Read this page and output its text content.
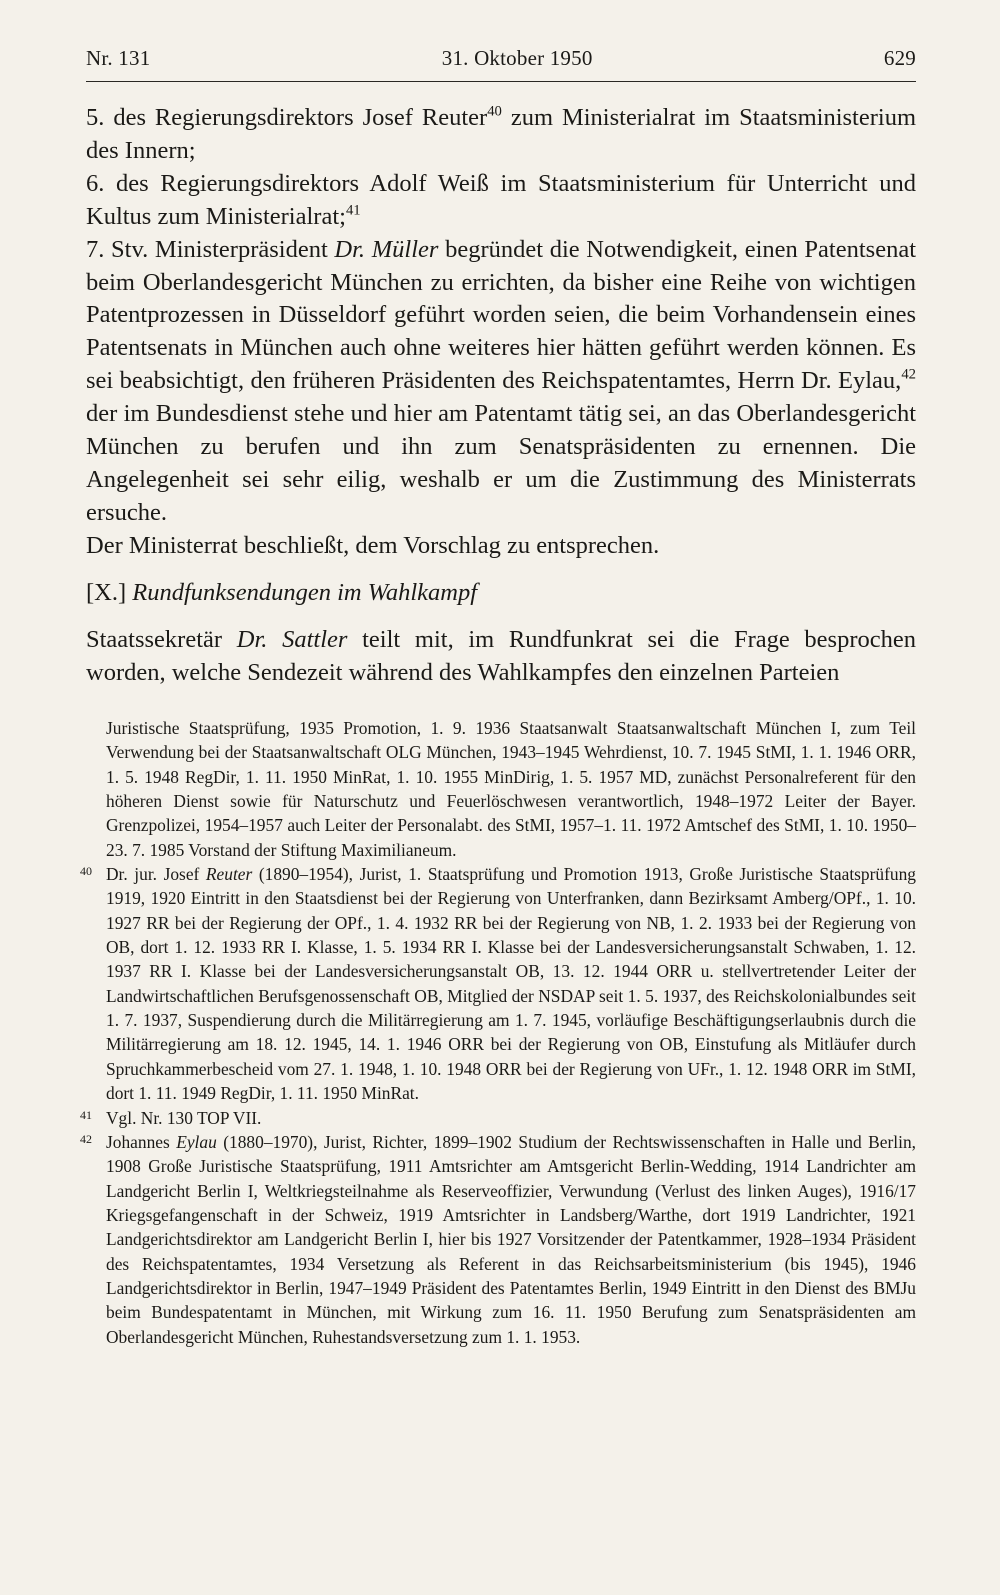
Nr. 131	31. Oktober 1950	629

5. des Regierungsdirektors Josef Reuter$^{40}$ zum Ministerialrat im Staatsministerium des Innern;

6. des Regierungsdirektors Adolf Weiß im Staatsministerium für Unterricht und Kultus zum Ministerialrat;$^{41}$

7. Stv. Ministerpräsident Dr. Müller begründet die Notwendigkeit, einen Patentsenat beim Oberlandesgericht München zu errichten, da bisher eine Reihe von wichtigen Patentprozessen in Düsseldorf geführt worden seien, die beim Vorhandensein eines Patentsenats in München auch ohne weiteres hier hätten geführt werden können. Es sei beabsichtigt, den früheren Präsidenten des Reichspatentamtes, Herrn Dr. Eylau,$^{42}$ der im Bundesdienst stehe und hier am Patentamt tätig sei, an das Oberlandesgericht München zu berufen und ihn zum Senatspräsidenten zu ernennen. Die Angelegenheit sei sehr eilig, weshalb er um die Zustimmung des Ministerrats ersuche.

Der Ministerrat beschließt, dem Vorschlag zu entsprechen.

[X.] Rundfunksendungen im Wahlkampf

Staatssekretär Dr. Sattler teilt mit, im Rundfunkrat sei die Frage besprochen worden, welche Sendezeit während des Wahlkampfes den einzelnen Parteien

Juristische Staatsprüfung, 1935 Promotion, 1. 9. 1936 Staatsanwalt Staatsanwaltschaft München I, zum Teil Verwendung bei der Staatsanwaltschaft OLG München, 1943–1945 Wehrdienst, 10. 7. 1945 StMI, 1. 1. 1946 ORR, 1. 5. 1948 RegDir, 1. 11. 1950 MinRat, 1. 10. 1955 MinDirig, 1. 5. 1957 MD, zunächst Personalreferent für den höheren Dienst sowie für Naturschutz und Feuerlöschwesen verantwortlich, 1948–1972 Leiter der Bayer. Grenzpolizei, 1954–1957 auch Leiter der Personalabt. des StMI, 1957–1. 11. 1972 Amtschef des StMI, 1. 10. 1950–23. 7. 1985 Vorstand der Stiftung Maximilianeum.

40 Dr. jur. Josef Reuter (1890–1954), Jurist, 1. Staatsprüfung und Promotion 1913, Große Juristische Staatsprüfung 1919, 1920 Eintritt in den Staatsdienst bei der Regierung von Unterfranken, dann Bezirksamt Amberg/OPf., 1. 10. 1927 RR bei der Regierung der OPf., 1. 4. 1932 RR bei der Regierung von NB, 1. 2. 1933 bei der Regierung von OB, dort 1. 12. 1933 RR I. Klasse, 1. 5. 1934 RR I. Klasse bei der Landesversicherungsanstalt Schwaben, 1. 12. 1937 RR I. Klasse bei der Landesversicherungsanstalt OB, 13. 12. 1944 ORR u. stellvertretender Leiter der Landwirtschaftlichen Berufsgenossenschaft OB, Mitglied der NSDAP seit 1. 5. 1937, des Reichskolonialbundes seit 1. 7. 1937, Suspendierung durch die Militärregierung am 1. 7. 1945, vorläufige Beschäftigungserlaubnis durch die Militärregierung am 18. 12. 1945, 14. 1. 1946 ORR bei der Regierung von OB, Einstufung als Mitläufer durch Spruchkammerbescheid vom 27. 1. 1948, 1. 10. 1948 ORR bei der Regierung von UFr., 1. 12. 1948 ORR im StMI, dort 1. 11. 1949 RegDir, 1. 11. 1950 MinRat.

41 Vgl. Nr. 130 TOP VII.

42 Johannes Eylau (1880–1970), Jurist, Richter, 1899–1902 Studium der Rechtswissenschaften in Halle und Berlin, 1908 Große Juristische Staatsprüfung, 1911 Amtsrichter am Amtsgericht Berlin-Wedding, 1914 Landrichter am Landgericht Berlin I, Weltkriegsteilnahme als Reserveoffizier, Verwundung (Verlust des linken Auges), 1916/17 Kriegsgefangenschaft in der Schweiz, 1919 Amtsrichter in Landsberg/Warthe, dort 1919 Landrichter, 1921 Landgerichtsdirektor am Landgericht Berlin I, hier bis 1927 Vorsitzender der Patentkammer, 1928–1934 Präsident des Reichspatentamtes, 1934 Versetzung als Referent in das Reichsarbeitsministerium (bis 1945), 1946 Landgerichtsdirektor in Berlin, 1947–1949 Präsident des Patentamtes Berlin, 1949 Eintritt in den Dienst des BMJu beim Bundespatentamt in München, mit Wirkung zum 16. 11. 1950 Berufung zum Senatspräsidenten am Oberlandesgericht München, Ruhestandsversetzung zum 1. 1. 1953.
